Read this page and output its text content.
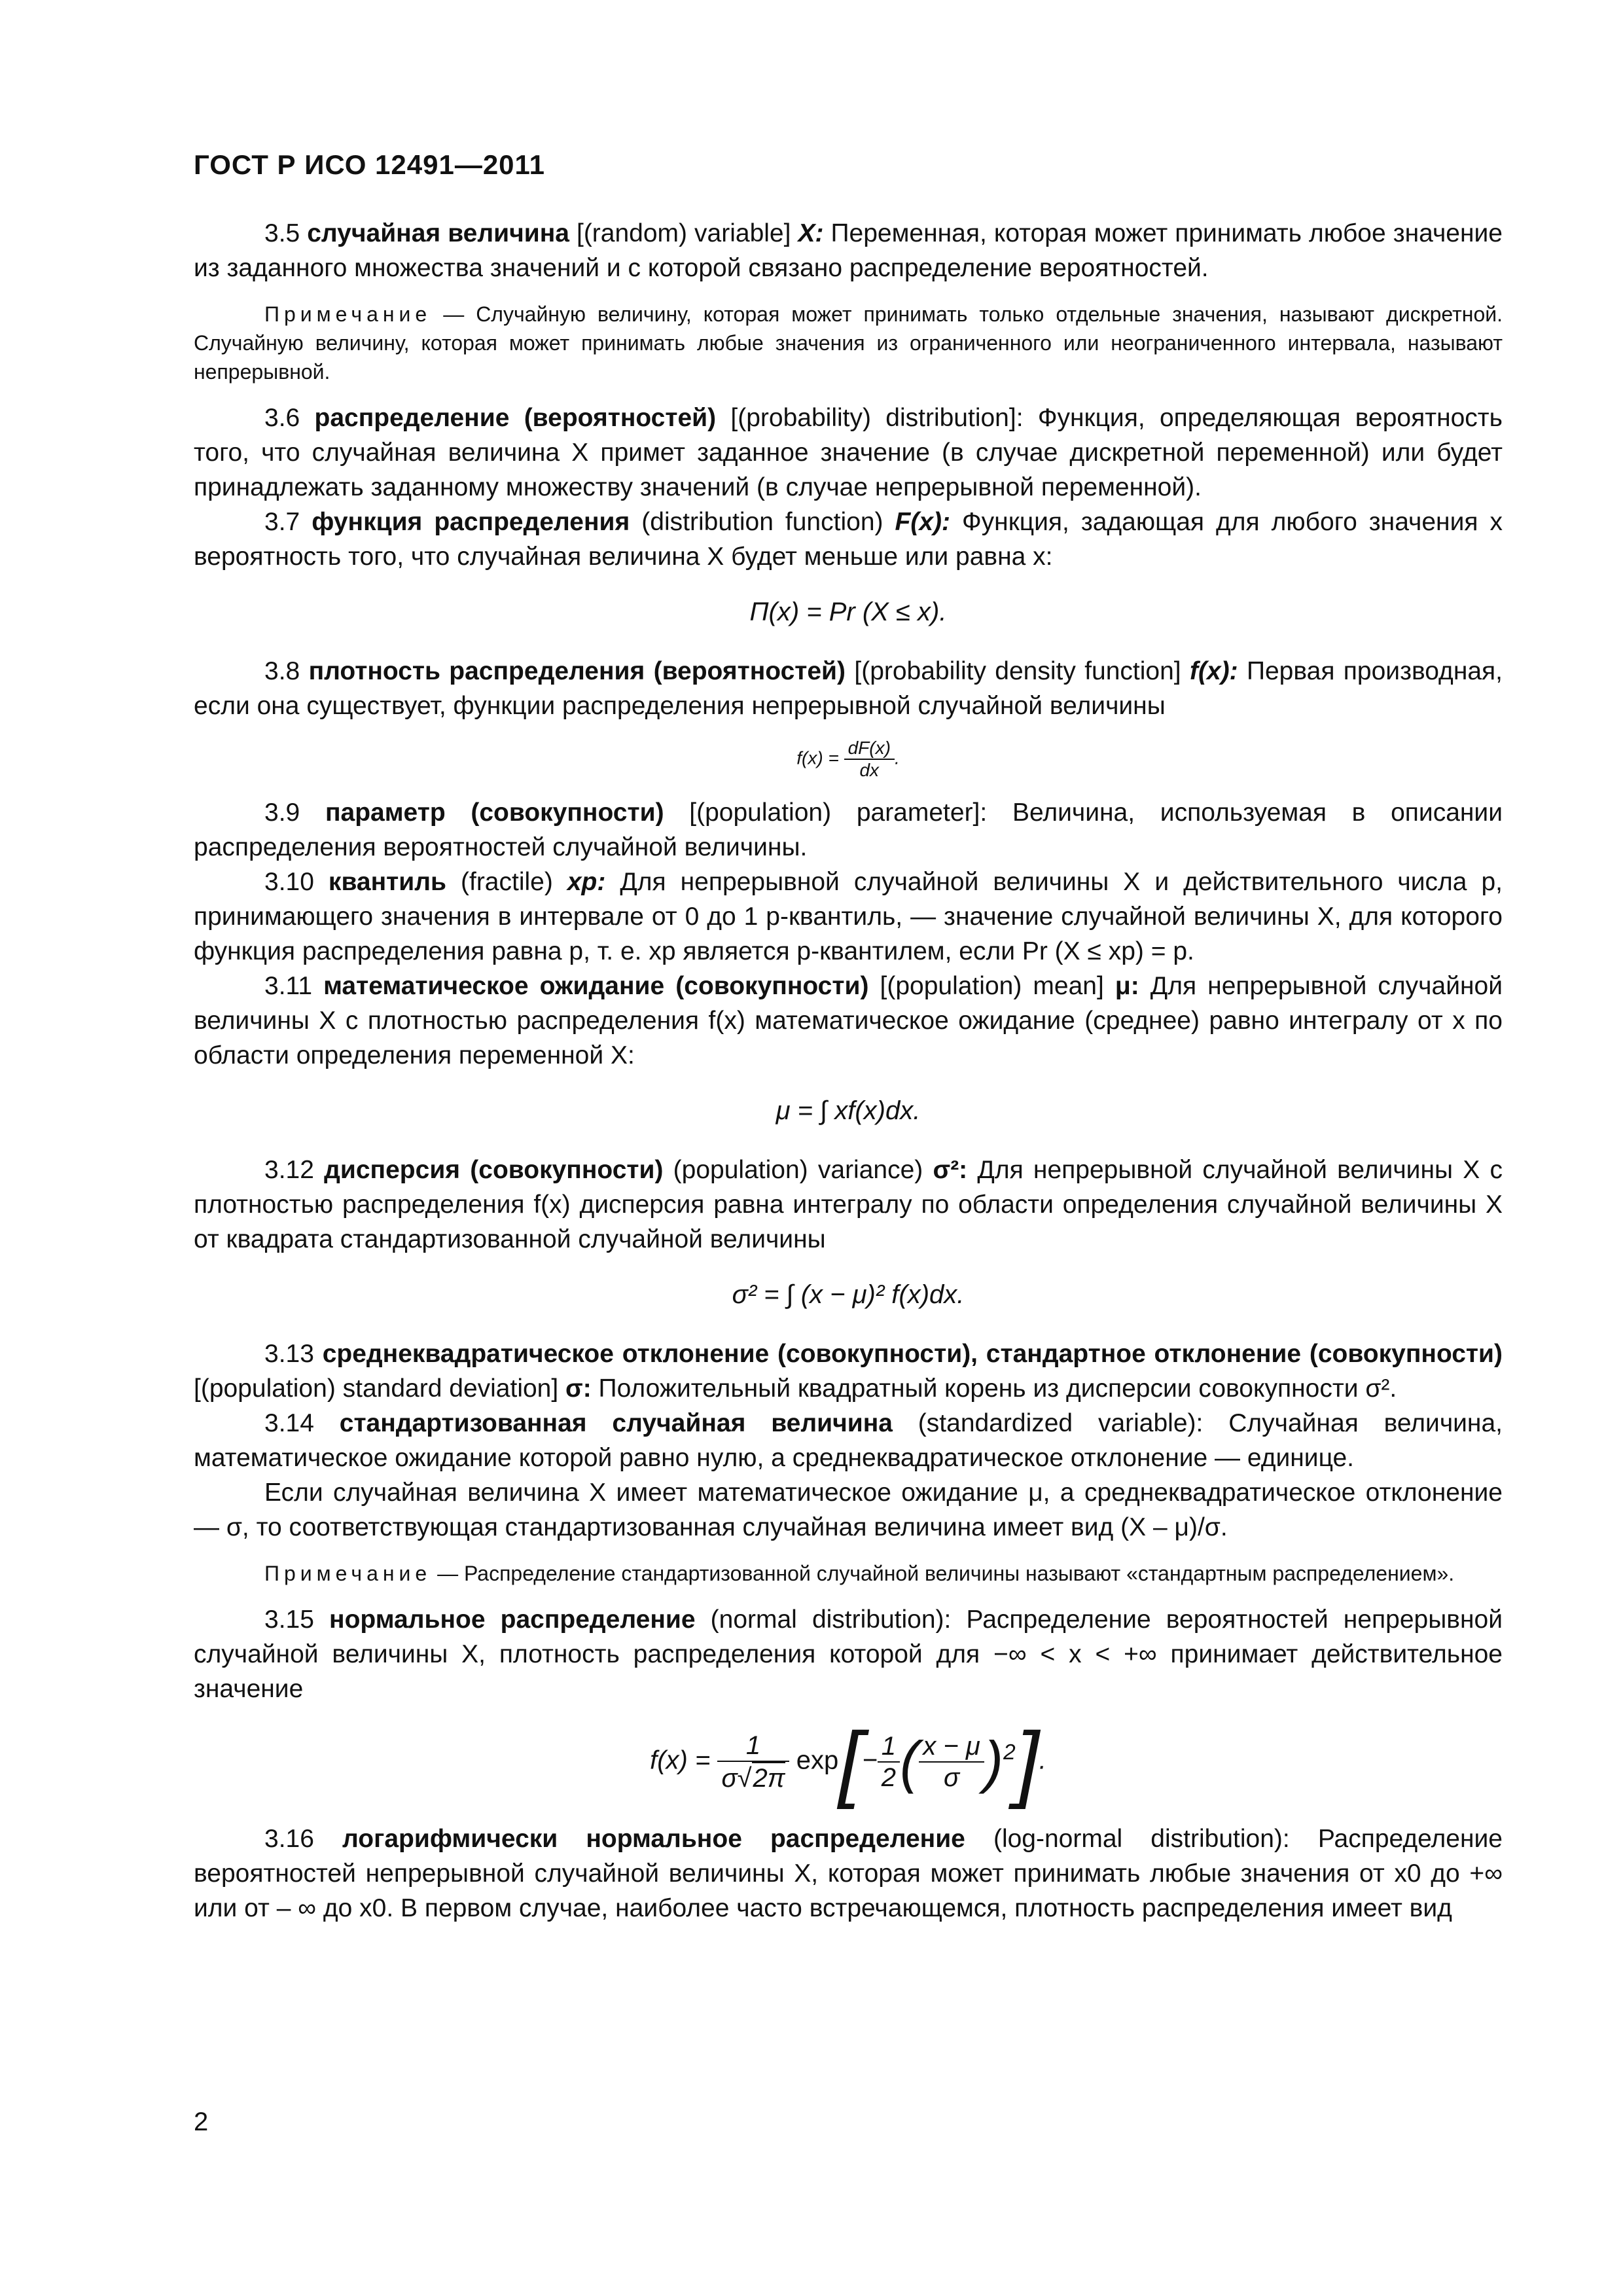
ГОСТ Р ИСО 12491—2011

3.5 случайная величина [(random) variable] X: Переменная, которая может принимать любое значение из заданного множества значений и с которой связано распределение вероятностей.

Примечание — Случайную величину, которая может принимать только отдельные значения, называют дискретной. Случайную величину, которая может принимать любые значения из ограниченного или неограниченного интервала, называют непрерывной.

3.6 распределение (вероятностей) [(probability) distribution]: Функция, определяющая вероятность того, что случайная величина X примет заданное значение (в случае дискретной переменной) или будет принадлежать заданному множеству значений (в случае непрерывной переменной).

3.7 функция распределения (distribution function) F(x): Функция, задающая для любого значения x вероятность того, что случайная величина X будет меньше или равна x:

Π(x) = Pr (X ≤ x).

3.8 плотность распределения (вероятностей) [(probability density function] f(x): Первая производная, если она существует, функции распределения непрерывной случайной величины

$f(x) = \frac{dF(x)}{dx}$ .

3.9 параметр (совокупности) [(population) parameter]: Величина, используемая в описании распределения вероятностей случайной величины.

3.10 квантиль (fractile) xp: Для непрерывной случайной величины X и действительного числа p, принимающего значения в интервале от 0 до 1 p-квантиль, — значение случайной величины X, для которого функция распределения равна p, т. е. xp является p-квантилем, если Pr (X ≤ xp) = p.

3.11 математическое ожидание (совокупности) [(population) mean] μ: Для непрерывной случайной величины X с плотностью распределения f(x) математическое ожидание (среднее) равно интегралу от x по области определения переменной X:

μ = ∫ xf(x)dx.

3.12 дисперсия (совокупности) (population) variance) σ²: Для непрерывной случайной величины X с плотностью распределения f(x) дисперсия равна интегралу по области определения случайной величины X от квадрата стандартизованной случайной величины

σ² = ∫ (x − μ)² f(x)dx.

3.13 среднеквадратическое отклонение (совокупности), стандартное отклонение (совокупности) [(population) standard deviation] σ: Положительный квадратный корень из дисперсии совокупности σ².

3.14 стандартизованная случайная величина (standardized variable): Случайная величина, математическое ожидание которой равно нулю, а среднеквадратическое отклонение — единице.

Если случайная величина X имеет математическое ожидание μ, а среднеквадратическое отклонение — σ, то соответствующая стандартизованная случайная величина имеет вид (X – μ)/σ.

Примечание — Распределение стандартизованной случайной величины называют «стандартным распределением».

3.15 нормальное распределение (normal distribution): Распределение вероятностей непрерывной случайной величины X, плотность распределения которой для −∞ < x < +∞ принимает действительное значение

$f(x) = \frac{1}{\sigma√2\pi} \exp[- \frac{1}{2}$ ( $\frac{x - \mu}{\sigma} )^2$].

3.16 логарифмически нормальное распределение (log-normal distribution): Распределение вероятностей непрерывной случайной величины X, которая может принимать любые значения от x0 до +∞ или от – ∞ до x0. В первом случае, наиболее часто встречающемся, плотность распределения имеет вид

2
